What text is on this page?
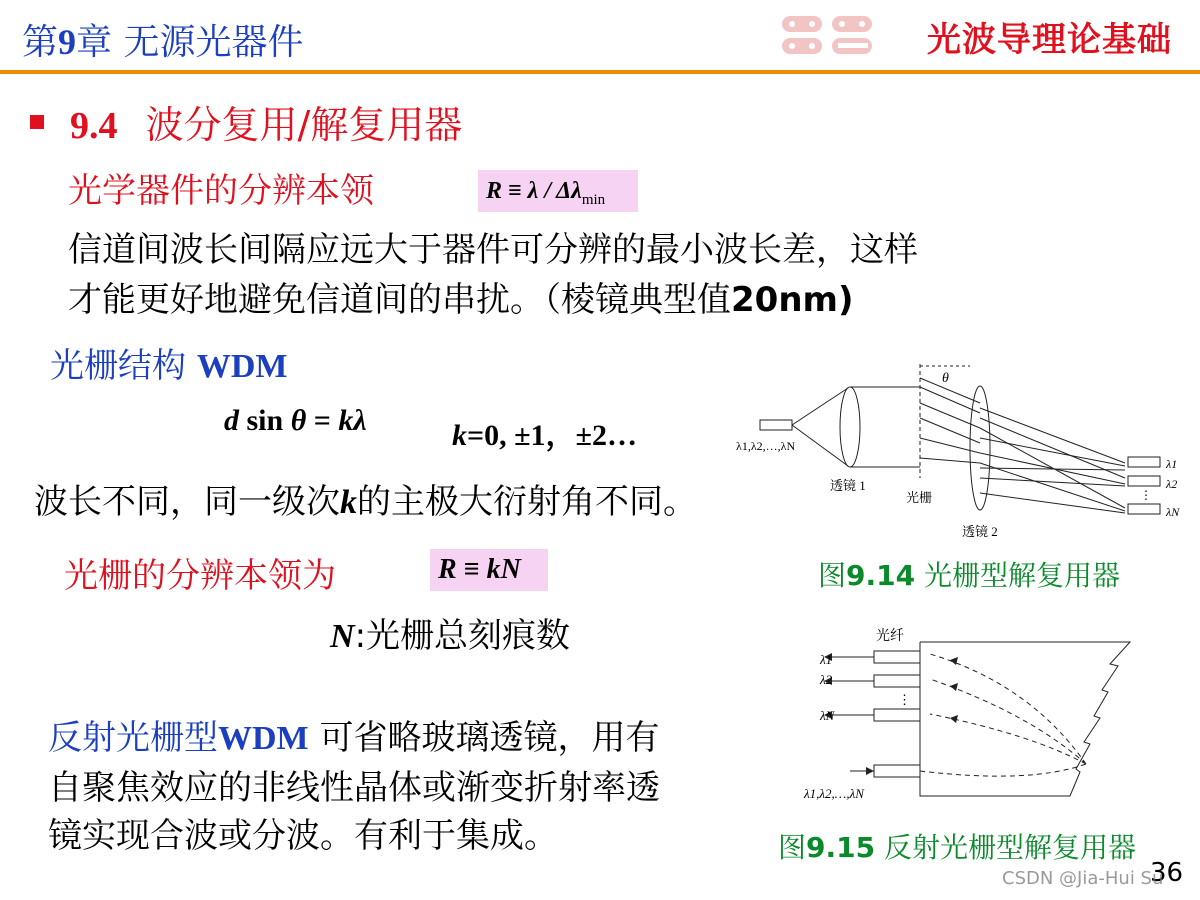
第9章 无源光器件	光波导理论基础
9.4 波分复用/解复用器
光学器件的分辨本领	$R \equiv \lambda / \Delta\lambda_{min}$
信道间波长间隔应远大于器件可分辨的最小波长差，这样
才能更好地避免信道间的串扰。（棱镜典型值20nm)
光栅结构 WDM
d sin θ = kλ	k=0, ±1，±2…
波长不同，同一级次k的主极大衍射角不同。
光栅的分辨本领为	R ≡ kN
N:光栅总刻痕数
反射光栅型WDM 可省略玻璃透镜，用有
自聚焦效应的非线性晶体或渐变折射率透
镜实现合波或分波。有利于集成。
θ
λ1,λ2,…,λN
透镜 1
光栅
透镜 2
λ1
λ2
⋮
λN
图9.14 光栅型解复用器
光纤
λ1
λ2
⋮
λN
λ1,λ2,…,λN
图9.15 反射光栅型解复用器
36
CSDN @Jia-Hui Su
